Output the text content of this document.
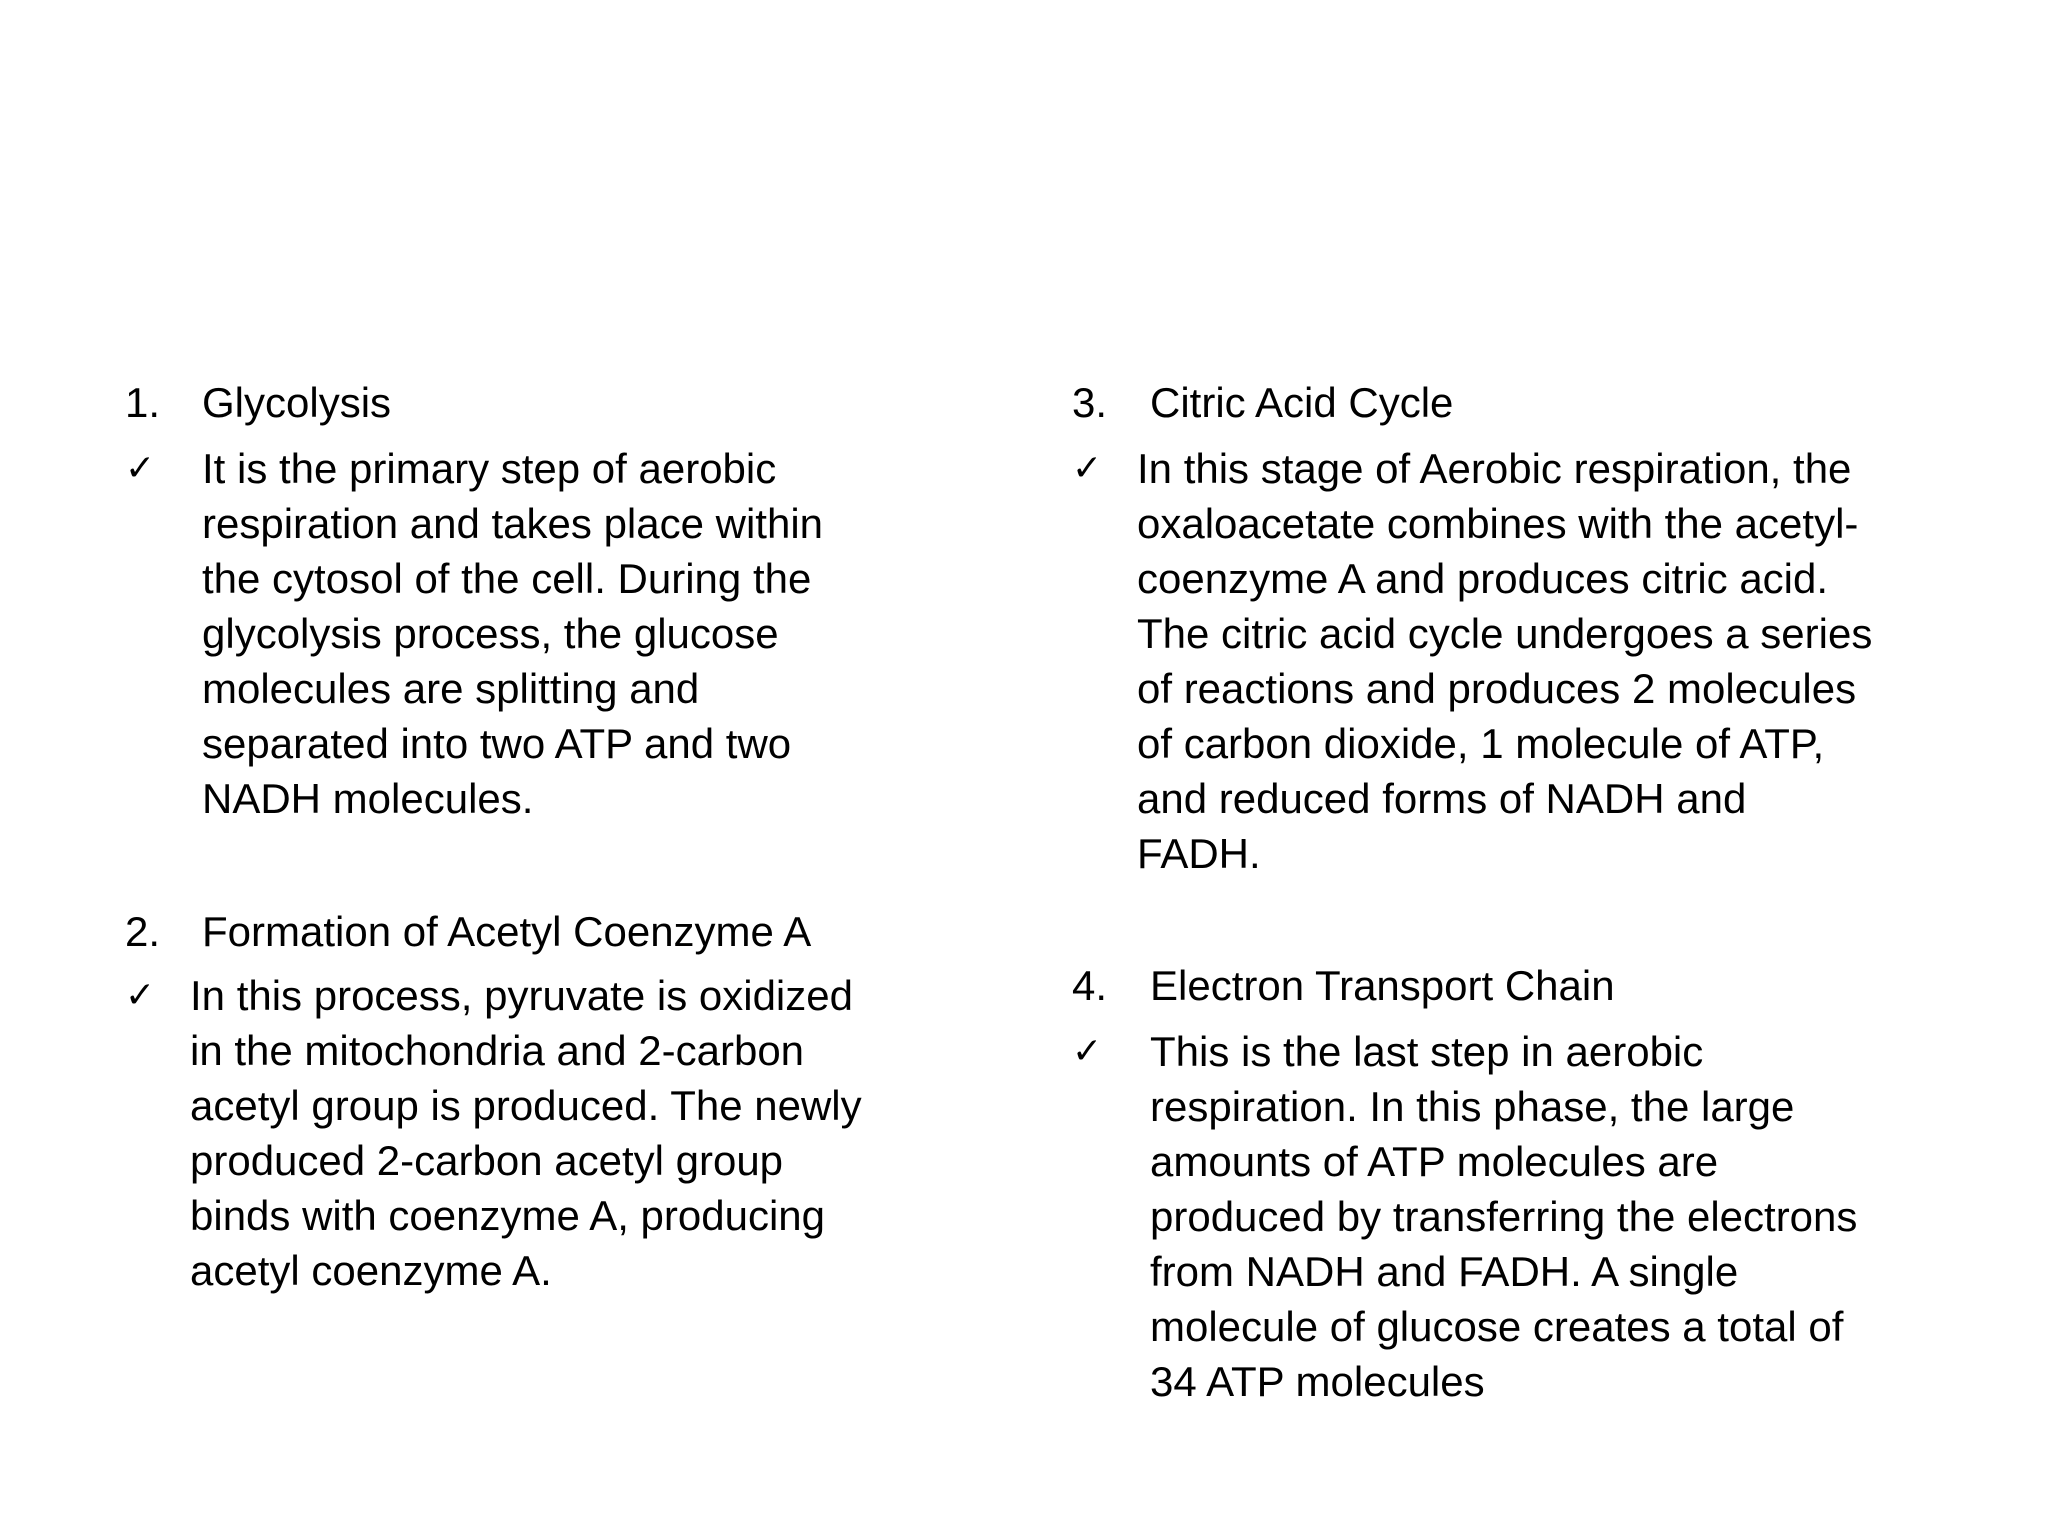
1. Glycolysis
✓ It is the primary step of aerobic
respiration and takes place within
the cytosol of the cell. During the
glycolysis process, the glucose
molecules are splitting and
separated into two ATP and two
NADH molecules.
2. Formation of Acetyl Coenzyme A
✓ In this process, pyruvate is oxidized
in the mitochondria and 2-carbon
acetyl group is produced. The newly
produced 2-carbon acetyl group
binds with coenzyme A, producing
acetyl coenzyme A.
3. Citric Acid Cycle
✓ In this stage of Aerobic respiration, the
oxaloacetate combines with the acetyl-
coenzyme A and produces citric acid.
The citric acid cycle undergoes a series
of reactions and produces 2 molecules
of carbon dioxide, 1 molecule of ATP,
and reduced forms of NADH and
FADH.
4. Electron Transport Chain
✓ This is the last step in aerobic
respiration. In this phase, the large
amounts of ATP molecules are
produced by transferring the electrons
from NADH and FADH. A single
molecule of glucose creates a total of
34 ATP molecules
